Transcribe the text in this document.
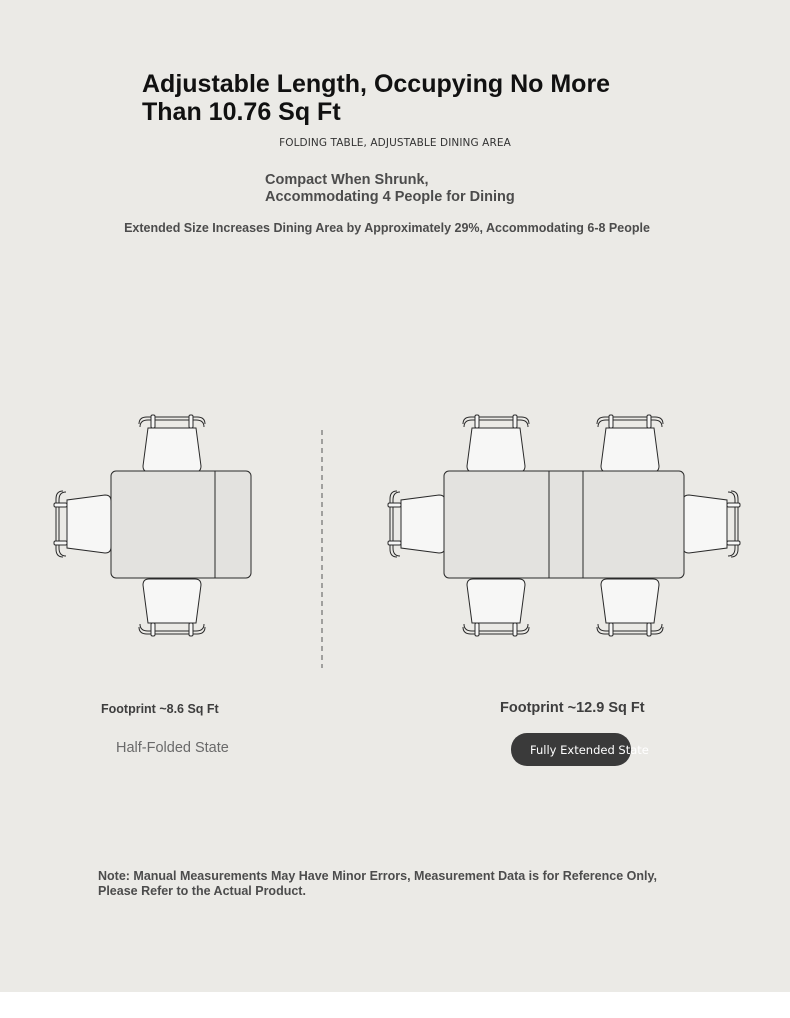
Adjustable Length, Occupying No More Than 10.76 Sq Ft
FOLDING TABLE, ADJUSTABLE DINING AREA
Compact When Shrunk,
Accommodating 4 People for Dining
Extended Size Increases Dining Area by Approximately 29%, Accommodating 6-8 People
Footprint ~8.6 Sq Ft	Footprint ~12.9 Sq Ft
Half-Folded State	Fully Extended State
Note: Manual Measurements May Have Minor Errors, Measurement Data is for Reference Only, Please Refer to the Actual Product.
